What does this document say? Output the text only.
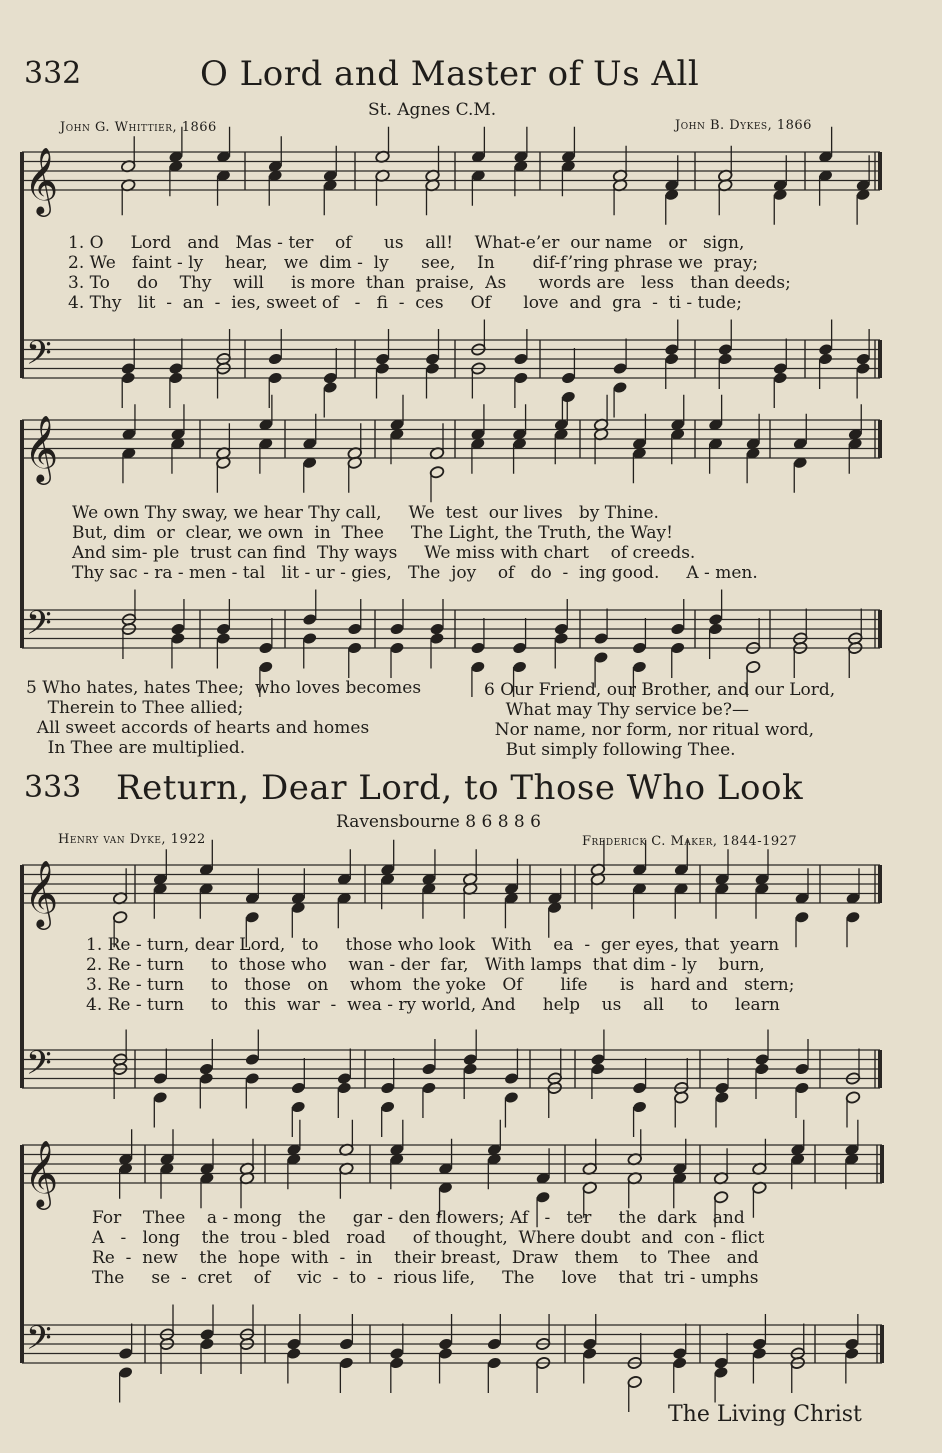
332	O Lord and Master of Us All
St. Agnes C.M.
John G. Whittier, 1866	John B. Dykes, 1866
𝄞
𝄢
𝄞
𝄢
𝄞
𝄢
𝄞
𝄢
1. O     Lord   and   Mas - ter    of      us    all!    What-e’er  our name   or   sign,
2. We   faint - ly    hear,   we  dim -  ly      see,    In       dif-f’ring phrase we  pray;
3. To     do    Thy    will     is more  than  praise,  As      words are   less   than deeds;
4. Thy   lit  -  an  -  ies, sweet of   -   fi  -  ces     Of      love  and  gra  -  ti - tude;
We own Thy sway, we hear Thy call,     We  test  our lives   by Thine.
But, dim  or  clear, we own  in  Thee     The Light, the Truth, the Way!
And sim- ple  trust can find  Thy ways     We miss with chart    of creeds.
Thy sac - ra - men - tal   lit - ur - gies,   The  joy    of   do  -  ing good.     A - men.
5 Who hates, hates Thee;  who loves becomes
Therein to Thee allied;
All sweet accords of hearts and homes
In Thee are multiplied.
6 Our Friend, our Brother, and our Lord,
What may Thy service be?—
Nor name, nor form, nor ritual word,
But simply following Thee.
333 Return, Dear Lord, to Those Who Look
Ravensbourne 8 6 8 8 6
Henry van Dyke, 1922	Frederick C. Maker, 1844-1927
1. Re - turn, dear Lord,   to     those who look   With    ea  -  ger eyes, that  yearn
2. Re - turn     to  those who    wan - der  far,   With lamps  that dim - ly    burn,
3. Re - turn     to   those   on    whom  the yoke   Of       life      is   hard and   stern;
4. Re - turn     to   this  war  -  wea - ry world, And     help    us    all     to     learn
For    Thee    a - mong   the     gar - den flowers; Af   -   ter     the  dark   and
A   -   long    the  trou - bled   road     of thought,  Where doubt  and  con - flict
Re  -  new    the  hope  with  -  in    their breast,  Draw   them    to  Thee   and
The     se  -  cret    of     vic  -  to  -  rious life,     The     love    that  tri - umphs
The Living Christ
